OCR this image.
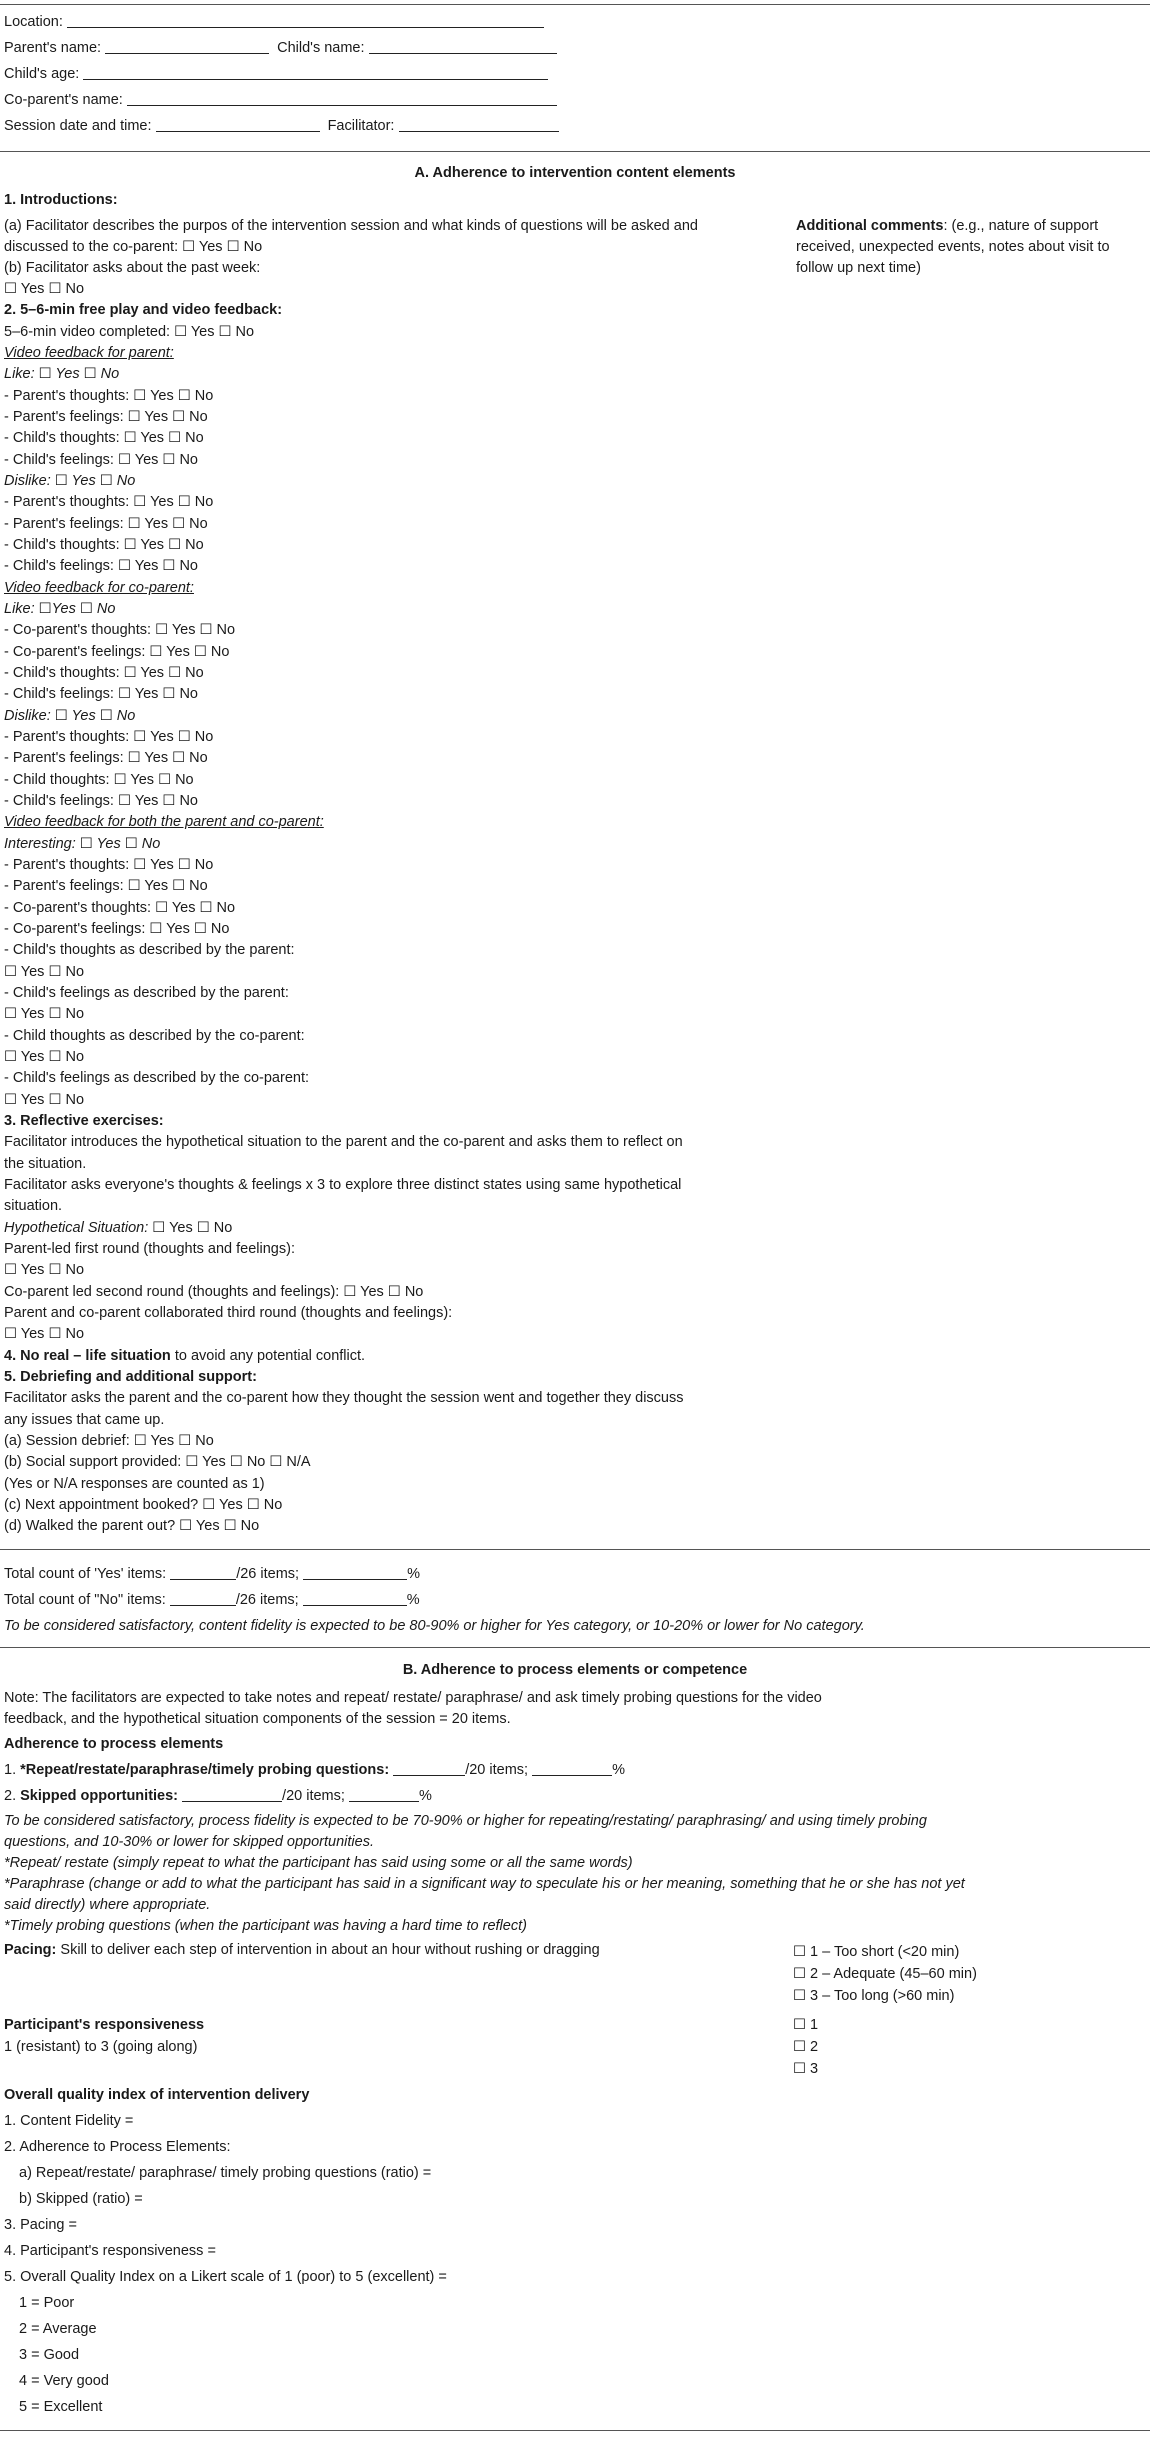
Location:
Parent's name:	Child's name:
Child's age:
Co-parent's name:
Session date and time:	Facilitator:
A. Adherence to intervention content elements
1. Introductions:
(a) Facilitator describes the purpos of the intervention session and what kinds of questions will be asked and
discussed to the co-parent: ☐ Yes ☐ No
(b) Facilitator asks about the past week:
☐ Yes ☐ No
Additional comments: (e.g., nature of support
received, unexpected events, notes about visit to
follow up next time)
2. 5–6-min free play and video feedback:
5–6-min video completed: ☐ Yes ☐ No
Video feedback for parent:
Like: ☐ Yes ☐ No
- Parent's thoughts: ☐ Yes ☐ No
- Parent's feelings: ☐ Yes ☐ No
- Child's thoughts: ☐ Yes ☐ No
- Child's feelings: ☐ Yes ☐ No
Dislike: ☐ Yes ☐ No
- Parent's thoughts: ☐ Yes ☐ No
- Parent's feelings: ☐ Yes ☐ No
- Child's thoughts: ☐ Yes ☐ No
- Child's feelings: ☐ Yes ☐ No
Video feedback for co-parent:
Like: ☐Yes ☐ No
- Co-parent's thoughts: ☐ Yes ☐ No
- Co-parent's feelings: ☐ Yes ☐ No
- Child's thoughts: ☐ Yes ☐ No
- Child's feelings: ☐ Yes ☐ No
Dislike: ☐ Yes ☐ No
- Parent's thoughts: ☐ Yes ☐ No
- Parent's feelings: ☐ Yes ☐ No
- Child thoughts: ☐ Yes ☐ No
- Child's feelings: ☐ Yes ☐ No
Video feedback for both the parent and co-parent:
Interesting: ☐ Yes ☐ No
- Parent's thoughts: ☐ Yes ☐ No
- Parent's feelings: ☐ Yes ☐ No
- Co-parent's thoughts: ☐ Yes ☐ No
- Co-parent's feelings: ☐ Yes ☐ No
- Child's thoughts as described by the parent:
☐ Yes ☐ No
- Child's feelings as described by the parent:
☐ Yes ☐ No
- Child thoughts as described by the co-parent:
☐ Yes ☐ No
- Child's feelings as described by the co-parent:
☐ Yes ☐ No
3. Reflective exercises:
Facilitator introduces the hypothetical situation to the parent and the co-parent and asks them to reflect on
the situation.
Facilitator asks everyone's thoughts & feelings x 3 to explore three distinct states using same hypothetical
situation.
Hypothetical Situation: ☐ Yes ☐ No
Parent-led first round (thoughts and feelings):
☐ Yes ☐ No
Co-parent led second round (thoughts and feelings): ☐ Yes ☐ No
Parent and co-parent collaborated third round (thoughts and feelings):
☐ Yes ☐ No
4. No real – life situation to avoid any potential conflict.
5. Debriefing and additional support:
Facilitator asks the parent and the co-parent how they thought the session went and together they discuss
any issues that came up.
(a) Session debrief: ☐ Yes ☐ No
(b) Social support provided: ☐ Yes ☐ No ☐ N/A
(Yes or N/A responses are counted as 1)
(c) Next appointment booked? ☐ Yes ☐ No
(d) Walked the parent out? ☐ Yes ☐ No
Total count of 'Yes' items:	/26 items;	%
Total count of "No" items:	/26 items;	%
To be considered satisfactory, content fidelity is expected to be 80-90% or higher for Yes category, or 10-20% or lower for No category.
B. Adherence to process elements or competence
Note: The facilitators are expected to take notes and repeat/ restate/ paraphrase/ and ask timely probing questions for the video
feedback, and the hypothetical situation components of the session = 20 items.
Adherence to process elements
1. *Repeat/restate/paraphrase/timely probing questions:	/20 items;	%
2. Skipped opportunities:	/20 items;	%
To be considered satisfactory, process fidelity is expected to be 70-90% or higher for repeating/restating/ paraphrasing/ and using timely probing
questions, and 10-30% or lower for skipped opportunities.
*Repeat/ restate (simply repeat to what the participant has said using some or all the same words)
*Paraphrase (change or add to what the participant has said in a significant way to speculate his or her meaning, something that he or she has not yet
said directly) where appropriate.
*Timely probing questions (when the participant was having a hard time to reflect)
Pacing: Skill to deliver each step of intervention in about an hour without rushing or dragging	☐ 1 – Too short (<20 min)
☐ 2 – Adequate (45–60 min)
☐ 3 – Too long (>60 min)
Participant's responsiveness
1 (resistant) to 3 (going along)
☐ 1
☐ 2
☐ 3
Overall quality index of intervention delivery
1. Content Fidelity =
2. Adherence to Process Elements:
a) Repeat/restate/ paraphrase/ timely probing questions (ratio) =
b) Skipped (ratio) =
3. Pacing =
4. Participant's responsiveness =
5. Overall Quality Index on a Likert scale of 1 (poor) to 5 (excellent) =
1 = Poor
2 = Average
3 = Good
4 = Very good
5 = Excellent
